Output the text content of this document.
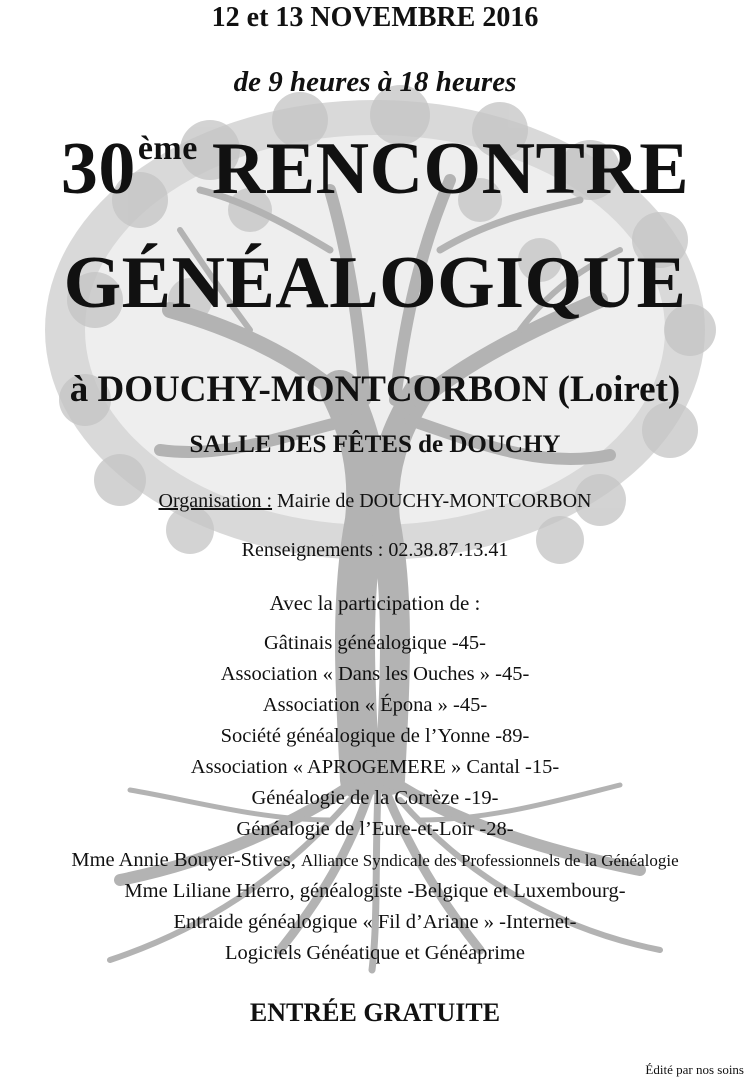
12 et 13 NOVEMBRE 2016
de 9 heures à 18 heures
30ème RENCONTRE
GÉNÉALOGIQUE
à DOUCHY-MONTCORBON (Loiret)
SALLE DES FÊTES de DOUCHY
Organisation : Mairie de DOUCHY-MONTCORBON
Renseignements : 02.38.87.13.41
Avec la participation de :
Gâtinais généalogique -45-
Association « Dans les Ouches » -45-
Association « Épona » -45-
Société généalogique de l’Yonne -89-
Association « APROGEMERE » Cantal -15-
Généalogie de la Corrèze -19-
Généalogie de l’Eure-et-Loir -28-
Mme Annie Bouyer-Stives, Alliance Syndicale des Professionnels de la Généalogie
Mme Liliane Hierro, généalogiste -Belgique et Luxembourg-
Entraide généalogique « Fil d’Ariane » -Internet-
Logiciels Généatique et Généaprime
ENTRÉE GRATUITE
Édité par nos soins
